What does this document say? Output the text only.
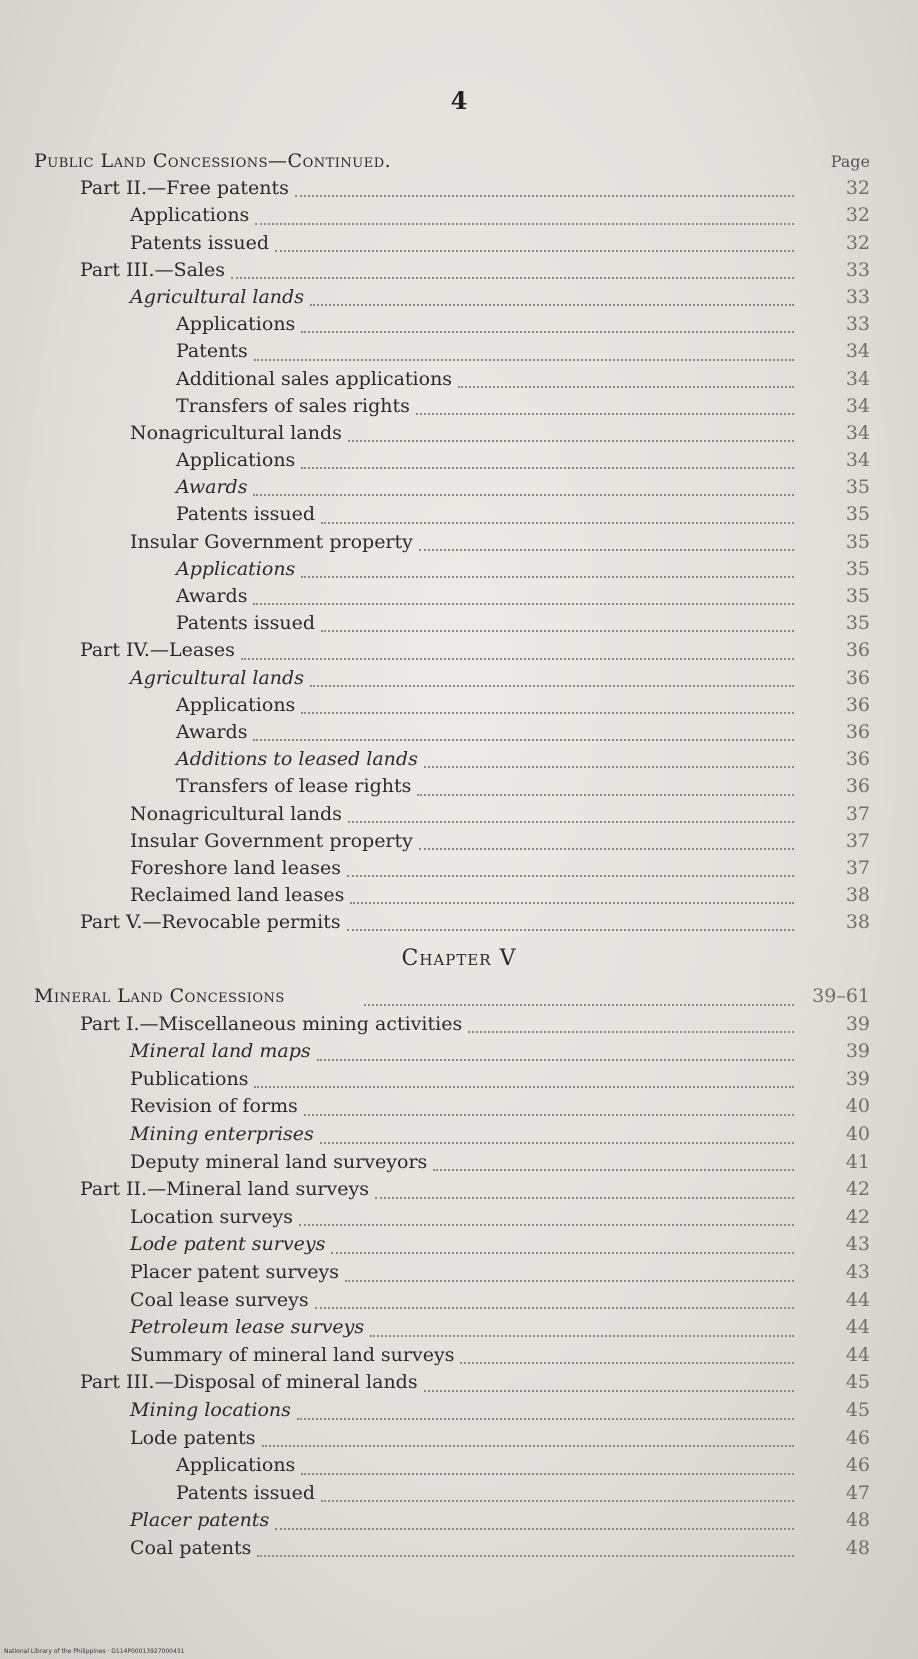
4
Public Land Concessions—Continued.	Page
Part II.—Free patents	32
Applications	32
Patents issued	32
Part III.—Sales	33
Agricultural lands	33
Applications	33
Patents	34
Additional sales applications	34
Transfers of sales rights	34
Nonagricultural lands	34
Applications	34
Awards	35
Patents issued	35
Insular Government property	35
Applications	35
Awards	35
Patents issued	35
Part IV.—Leases	36
Agricultural lands	36
Applications	36
Awards	36
Additions to leased lands	36
Transfers of lease rights	36
Nonagricultural lands	37
Insular Government property	37
Foreshore land leases	37
Reclaimed land leases	38
Part V.—Revocable permits	38
Chapter V
Mineral Land Concessions	39–61
Part I.—Miscellaneous mining activities	39
Mineral land maps	39
Publications	39
Revision of forms	40
Mining enterprises	40
Deputy mineral land surveyors	41
Part II.—Mineral land surveys	42
Location surveys	42
Lode patent surveys	43
Placer patent surveys	43
Coal lease surveys	44
Petroleum lease surveys	44
Summary of mineral land surveys	44
Part III.—Disposal of mineral lands	45
Mining locations	45
Lode patents	46
Applications	46
Patents issued	47
Placer patents	48
Coal patents	48
National Library of the Philippines · D114P00013927000431
